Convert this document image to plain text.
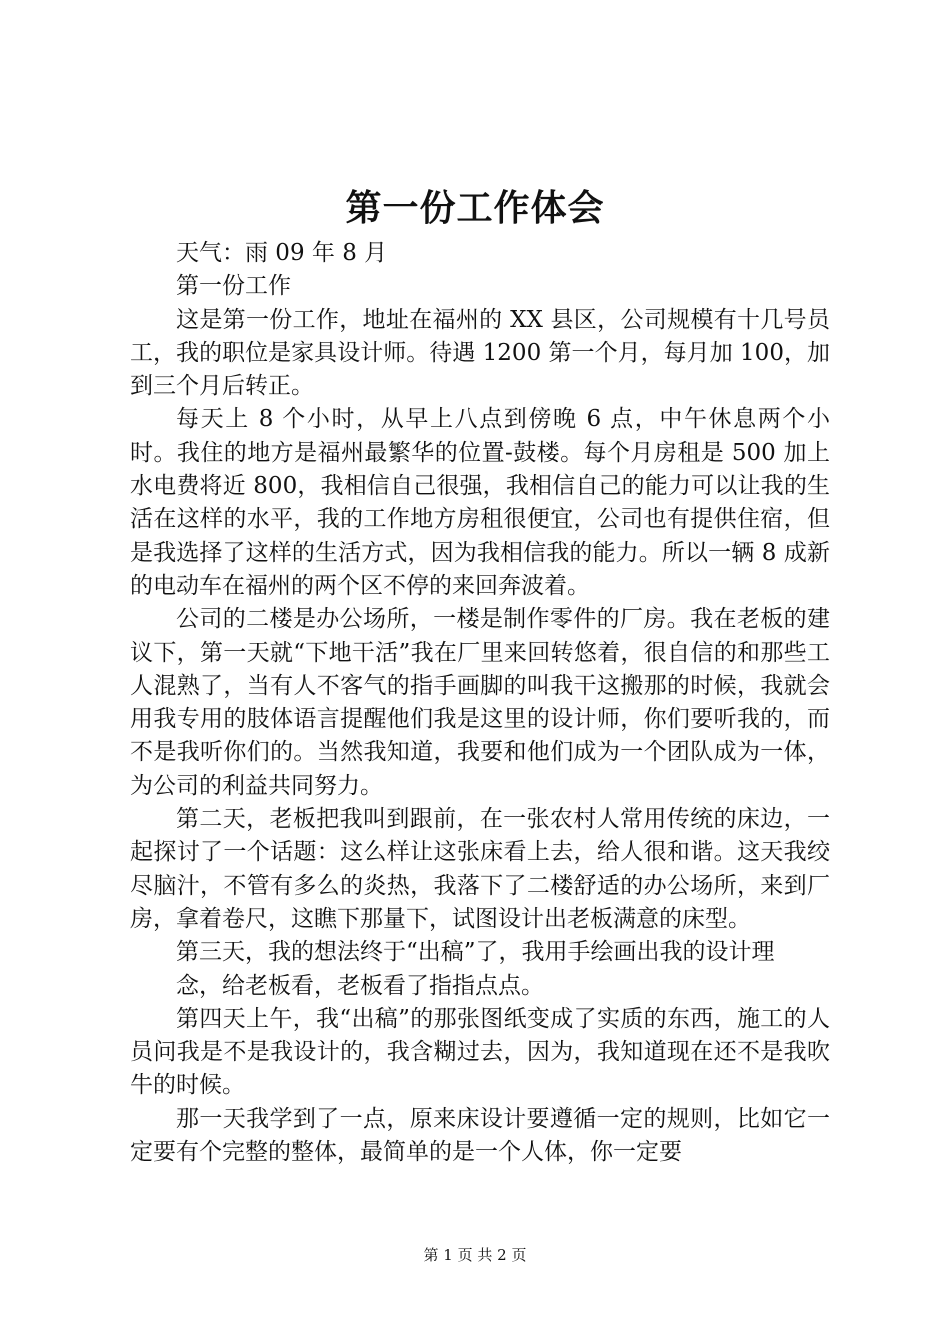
第一份工作体会

天气：雨 09 年 8 月

第一份工作

这是第一份工作，地址在福州的 XX 县区，公司规模有十几号员工，我的职位是家具设计师。待遇 1200 第一个月，每月加 100，加到三个月后转正。

每天上 8 个小时，从早上八点到傍晚 6 点，中午休息两个小时。我住的地方是福州最繁华的位置-鼓楼。每个月房租是 500 加上水电费将近 800，我相信自己很强，我相信自己的能力可以让我的生活在这样的水平，我的工作地方房租很便宜，公司也有提供住宿，但是我选择了这样的生活方式，因为我相信我的能力。所以一辆 8 成新的电动车在福州的两个区不停的来回奔波着。

公司的二楼是办公场所，一楼是制作零件的厂房。我在老板的建议下，第一天就“下地干活”我在厂里来回转悠着，很自信的和那些工人混熟了，当有人不客气的指手画脚的叫我干这搬那的时候，我就会用我专用的肢体语言提醒他们我是这里的设计师，你们要听我的，而不是我听你们的。当然我知道，我要和他们成为一个团队成为一体，为公司的利益共同努力。

第二天，老板把我叫到跟前，在一张农村人常用传统的床边，一起探讨了一个话题：这么样让这张床看上去，给人很和谐。这天我绞尽脑汁，不管有多么的炎热，我落下了二楼舒适的办公场所，来到厂房，拿着卷尺，这瞧下那量下，试图设计出老板满意的床型。

第三天，我的想法终于“出稿”了，我用手绘画出我的设计理

念，给老板看，老板看了指指点点。

第四天上午，我“出稿”的那张图纸变成了实质的东西，施工的人员问我是不是我设计的，我含糊过去，因为，我知道现在还不是我吹牛的时候。

那一天我学到了一点，原来床设计要遵循一定的规则，比如它一定要有个完整的整体，最简单的是一个人体，你一定要

第 1 页 共 2 页
